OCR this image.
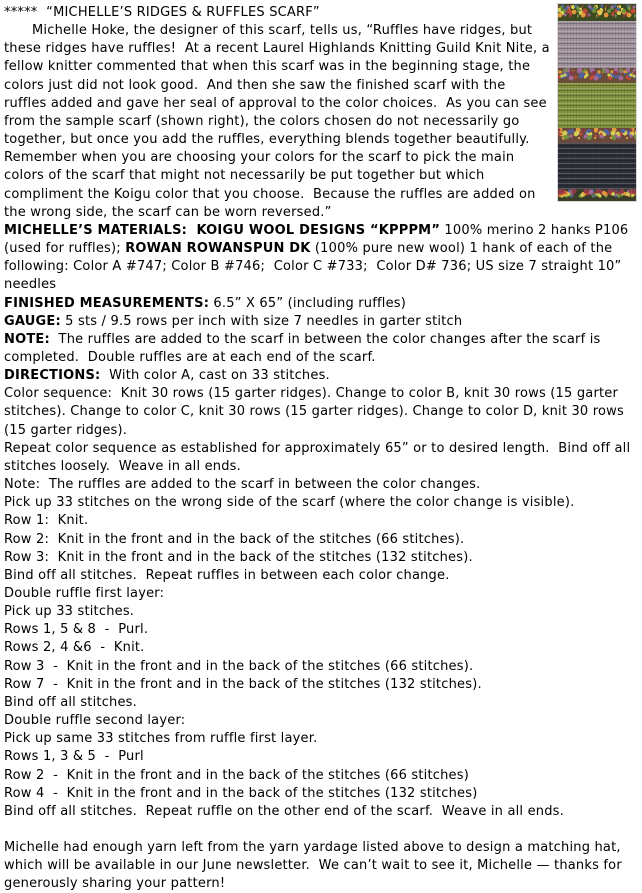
*****  “MICHELLE’S RIDGES & RUFFLES SCARF”
Michelle Hoke, the designer of this scarf, tells us, “Ruffles have ridges, but these ridges have ruffles!  At a recent Laurel Highlands Knitting Guild Knit Nite, a fellow knitter commented that when this scarf was in the beginning stage, the colors just did not look good.  And then she saw the finished scarf with the ruffles added and gave her seal of approval to the color choices.  As you can see from the sample scarf (shown right), the colors chosen do not necessarily go together, but once you add the ruffles, everything blends together beautifully.  Remember when you are choosing your colors for the scarf to pick the main colors of the scarf that might not necessarily be put together but which compliment the Koigu color that you choose.  Because the ruffles are added on the wrong side, the scarf can be worn reversed.”
MICHELLE’S MATERIALS:  KOIGU WOOL DESIGNS “KPPPM” 100% merino 2 hanks P106 (used for ruffles); ROWAN ROWANSPUN DK (100% pure new wool) 1 hank of each of the following: Color A #747; Color B #746;  Color C #733;  Color D# 736; US size 7 straight 10” needles
FINISHED MEASUREMENTS: 6.5” X 65” (including ruffles)
GAUGE: 5 sts / 9.5 rows per inch with size 7 needles in garter stitch
NOTE:  The ruffles are added to the scarf in between the color changes after the scarf is completed.  Double ruffles are at each end of the scarf.
DIRECTIONS:  With color A, cast on 33 stitches.
Color sequence:  Knit 30 rows (15 garter ridges). Change to color B, knit 30 rows (15 garter stitches). Change to color C, knit 30 rows (15 garter ridges). Change to color D, knit 30 rows (15 garter ridges).
Repeat color sequence as established for approximately 65” or to desired length.  Bind off all stitches loosely.  Weave in all ends.
Note:  The ruffles are added to the scarf in between the color changes.
Pick up 33 stitches on the wrong side of the scarf (where the color change is visible).
Row 1:  Knit.
Row 2:  Knit in the front and in the back of the stitches (66 stitches).
Row 3:  Knit in the front and in the back of the stitches (132 stitches).
Bind off all stitches.  Repeat ruffles in between each color change.
Double ruffle first layer:
Pick up 33 stitches.
Rows 1, 5 & 8  -  Purl.
Rows 2, 4 &6  -  Knit.
Row 3  -  Knit in the front and in the back of the stitches (66 stitches).
Row 7  -  Knit in the front and in the back of the stitches (132 stitches).
Bind off all stitches.
Double ruffle second layer:
Pick up same 33 stitches from ruffle first layer.
Rows 1, 3 & 5  -  Purl
Row 2  -  Knit in the front and in the back of the stitches (66 stitches)
Row 4  -  Knit in the front and in the back of the stitches (132 stitches)
Bind off all stitches.  Repeat ruffle on the other end of the scarf.  Weave in all ends.
Michelle had enough yarn left from the yarn yardage listed above to design a matching hat, which will be available in our June newsletter.  We can’t wait to see it, Michelle — thanks for generously sharing your pattern!
